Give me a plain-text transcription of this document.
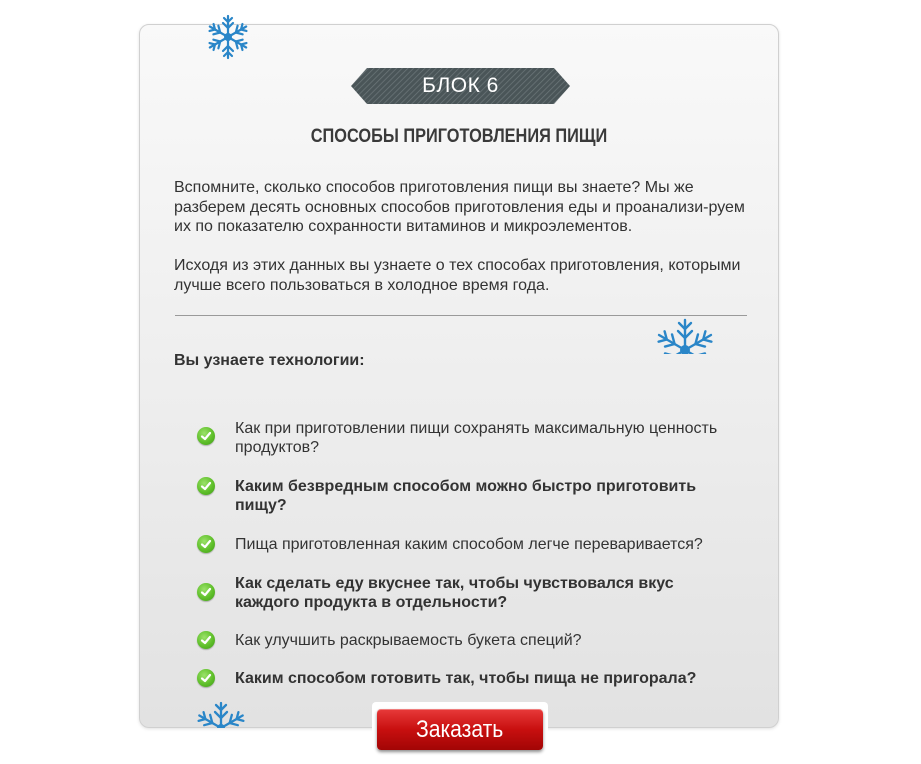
БЛОК 6
СПОСОБЫ ПРИГОТОВЛЕНИЯ ПИЩИ

Вспомните, сколько способов приготовления пищи вы знаете? Мы же разберем десять основных способов приготовления еды и проанализи-руем их по показателю сохранности витаминов и микроэлементов.

Исходя из этих данных вы узнаете о тех способах приготовления, которыми лучше всего пользоваться в холодное время года.

Вы узнаете технологии:
Как при приготовлении пищи сохранять максимальную ценность продуктов?
Каким безвредным способом можно быстро приготовить пищу?
Пища приготовленная каким способом легче переваривается?
Как сделать еду вкуснее так, чтобы чувствовался вкус каждого продукта в отдельности?
Как улучшить раскрываемость букета специй?
Каким способом готовить так, чтобы пища не пригорала?
Заказать
